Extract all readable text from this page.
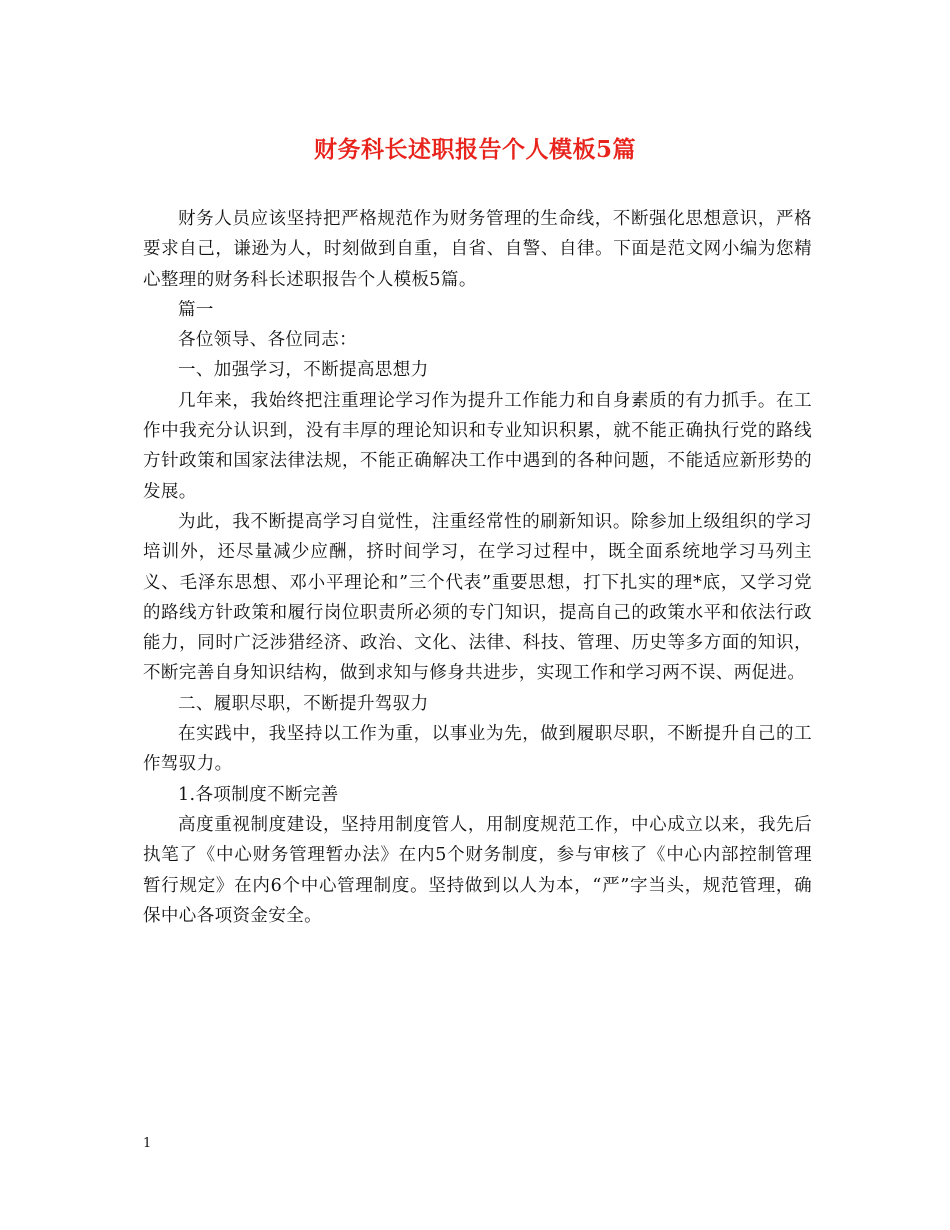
财务科长述职报告个人模板5篇

财务人员应该坚持把严格规范作为财务管理的生命线，不断强化思想意识，严格要求自己，谦逊为人，时刻做到自重，自省、自警、自律。下面是范文网小编为您精心整理的财务科长述职报告个人模板5篇。

篇一

各位领导、各位同志：

一、加强学习，不断提高思想力

几年来，我始终把注重理论学习作为提升工作能力和自身素质的有力抓手。在工作中我充分认识到，没有丰厚的理论知识和专业知识积累，就不能正确执行党的路线方针政策和国家法律法规，不能正确解决工作中遇到的各种问题，不能适应新形势的发展。

为此，我不断提高学习自觉性，注重经常性的刷新知识。除参加上级组织的学习培训外，还尽量减少应酬，挤时间学习，在学习过程中，既全面系统地学习马列主义、毛泽东思想、邓小平理论和”三个代表”重要思想，打下扎实的理*底，又学习党的路线方针政策和履行岗位职责所必须的专门知识，提高自己的政策水平和依法行政能力，同时广泛涉猎经济、政治、文化、法律、科技、管理、历史等多方面的知识，不断完善自身知识结构，做到求知与修身共进步，实现工作和学习两不误、两促进。

二、履职尽职，不断提升驾驭力

在实践中，我坚持以工作为重，以事业为先，做到履职尽职，不断提升自己的工作驾驭力。

1.各项制度不断完善

高度重视制度建设，坚持用制度管人，用制度规范工作，中心成立以来，我先后执笔了《中心财务管理暂办法》在内5个财务制度，参与审核了《中心内部控制管理暂行规定》在内6个中心管理制度。坚持做到以人为本，“严”字当头，规范管理，确保中心各项资金安全。

1
